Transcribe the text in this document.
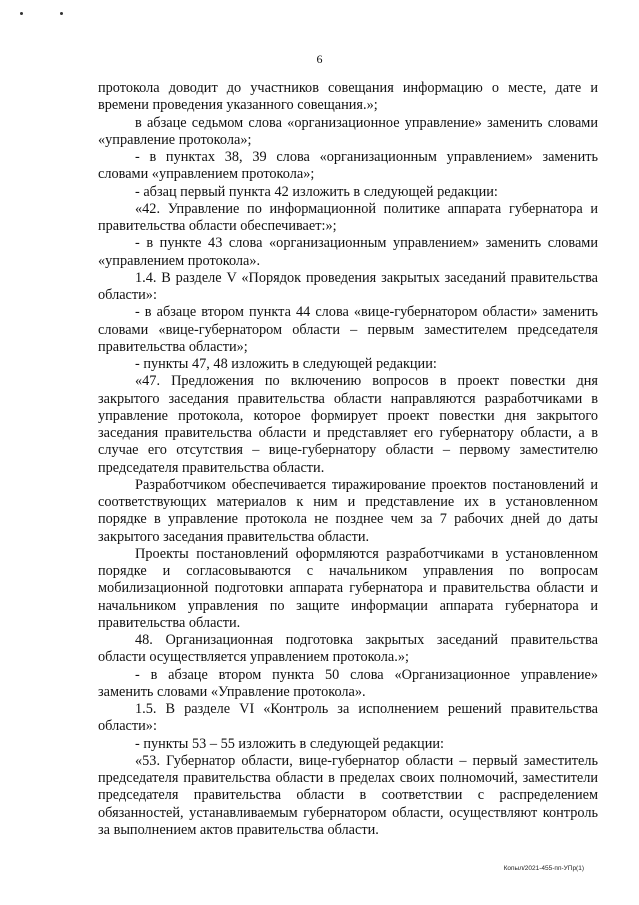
6

протокола доводит до участников совещания информацию о месте, дате и времени проведения указанного совещания.»;

в абзаце седьмом слова «организационное управление» заменить словами «управление протокола»;

- в пунктах 38, 39 слова «организационным управлением» заменить словами «управлением протокола»;

- абзац первый пункта 42 изложить в следующей редакции:

«42. Управление по информационной политике аппарата губернатора и правительства области обеспечивает:»;

- в пункте 43 слова «организационным управлением» заменить словами «управлением протокола».

1.4. В разделе V «Порядок проведения закрытых заседаний правительства области»:

- в абзаце втором пункта 44 слова «вице-губернатором области» заменить словами «вице-губернатором области – первым заместителем председателя правительства области»;

- пункты 47, 48 изложить в следующей редакции:

«47. Предложения по включению вопросов в проект повестки дня закрытого заседания правительства области направляются разработчиками в управление протокола, которое формирует проект повестки дня закрытого заседания правительства области и представляет его губернатору области, а в случае его отсутствия – вице-губернатору области – первому заместителю председателя правительства области.

Разработчиком обеспечивается тиражирование проектов постановлений и соответствующих материалов к ним и представление их в установленном порядке в управление протокола не позднее чем за 7 рабочих дней до даты закрытого заседания правительства области.

Проекты постановлений оформляются разработчиками в установленном порядке и согласовываются с начальником управления по вопросам мобилизационной подготовки аппарата губернатора и правительства области и начальником управления по защите информации аппарата губернатора и правительства области.

48. Организационная подготовка закрытых заседаний правительства области осуществляется управлением протокола.»;

- в абзаце втором пункта 50 слова «Организационное управление» заменить словами «Управление протокола».

1.5. В разделе VI «Контроль за исполнением решений правительства области»:

- пункты 53 – 55 изложить в следующей редакции:

«53. Губернатор области, вице-губернатор области – первый заместитель председателя правительства области в пределах своих полномочий, заместители председателя правительства области в соответствии с распределением обязанностей, устанавливаемым губернатором области, осуществляют контроль за выполнением актов правительства области.

Копыл/2021-455-пп-УПр(1)
